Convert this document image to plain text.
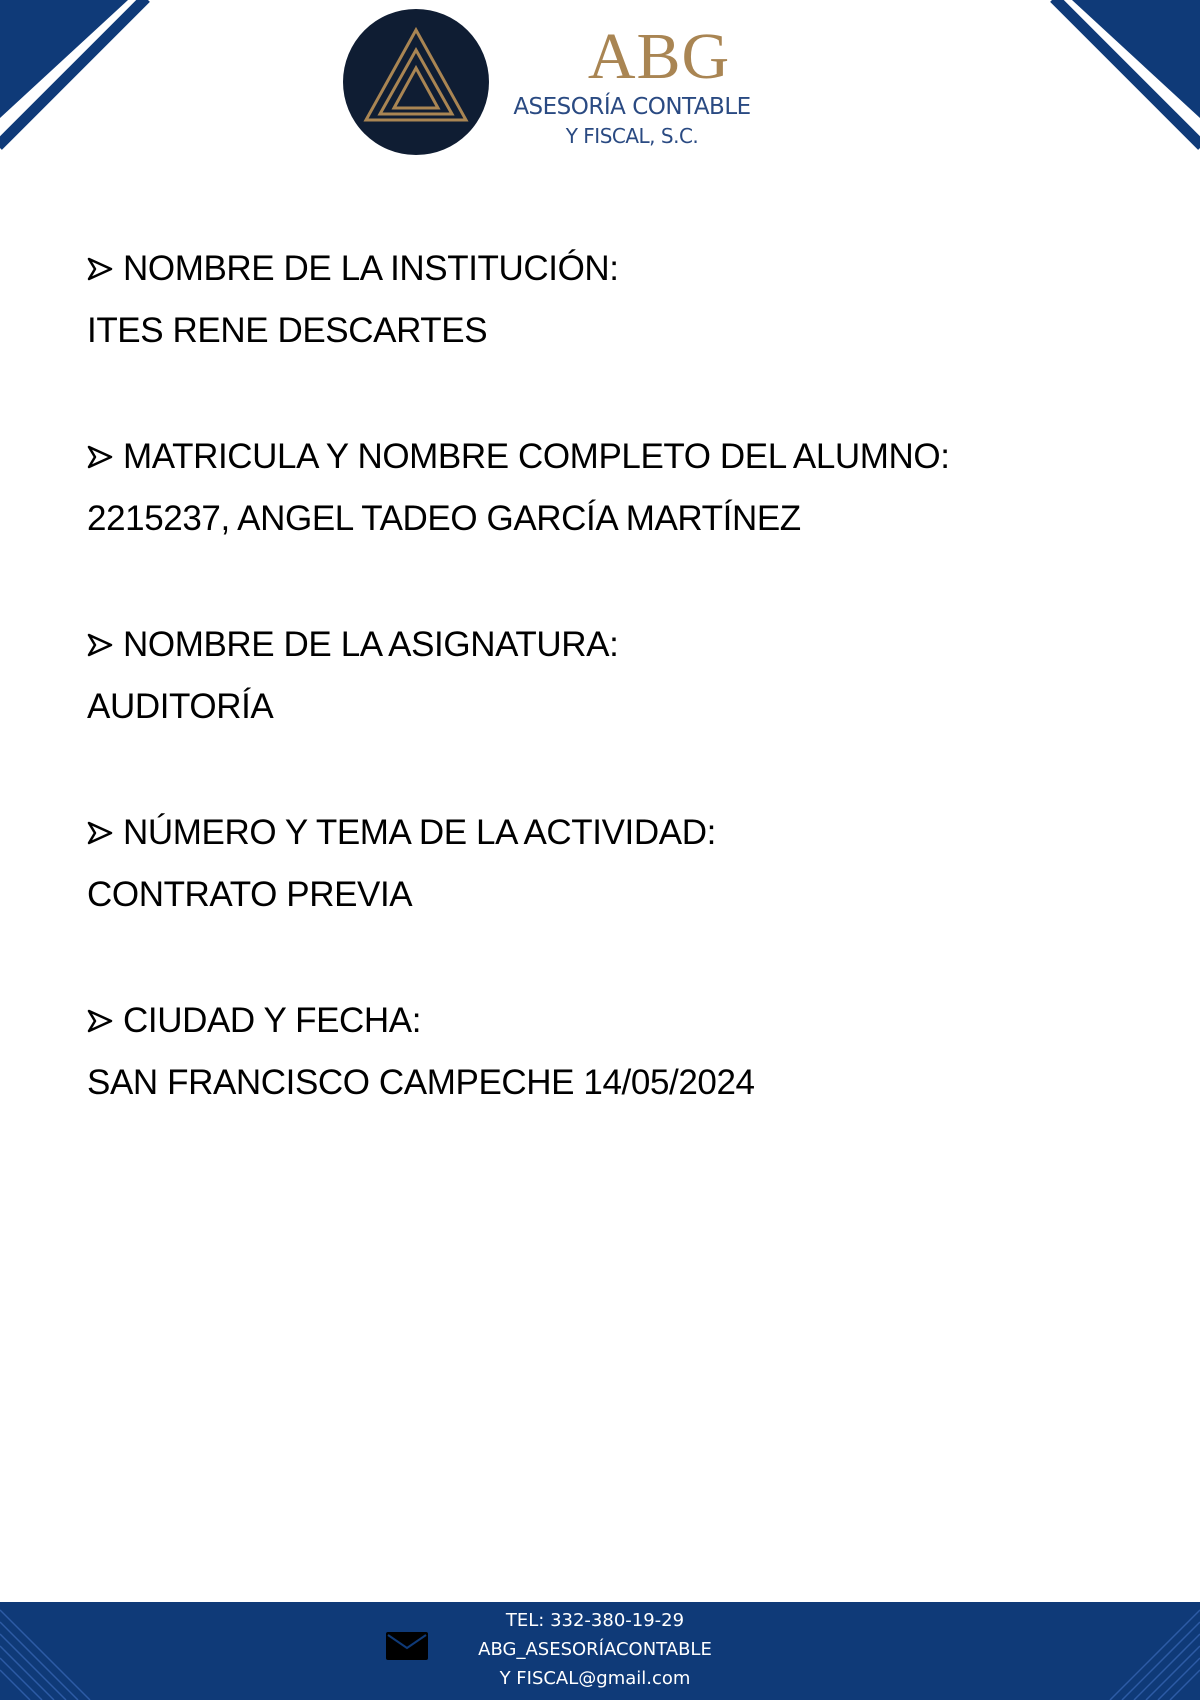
ABG
ASESORÍA CONTABLE
Y FISCAL, S.C.
NOMBRE DE LA INSTITUCIÓN:
ITES RENE DESCARTES
MATRICULA Y NOMBRE COMPLETO DEL ALUMNO:
2215237, ANGEL TADEO GARCÍA MARTÍNEZ
NOMBRE DE LA ASIGNATURA:
AUDITORÍA
NÚMERO Y TEMA DE LA ACTIVIDAD:
CONTRATO PREVIA
CIUDAD Y FECHA:
SAN FRANCISCO CAMPECHE 14/05/2024
TEL: 332-380-19-29
ABG_ASESORÍACONTABLE
Y FISCAL@gmail.com
